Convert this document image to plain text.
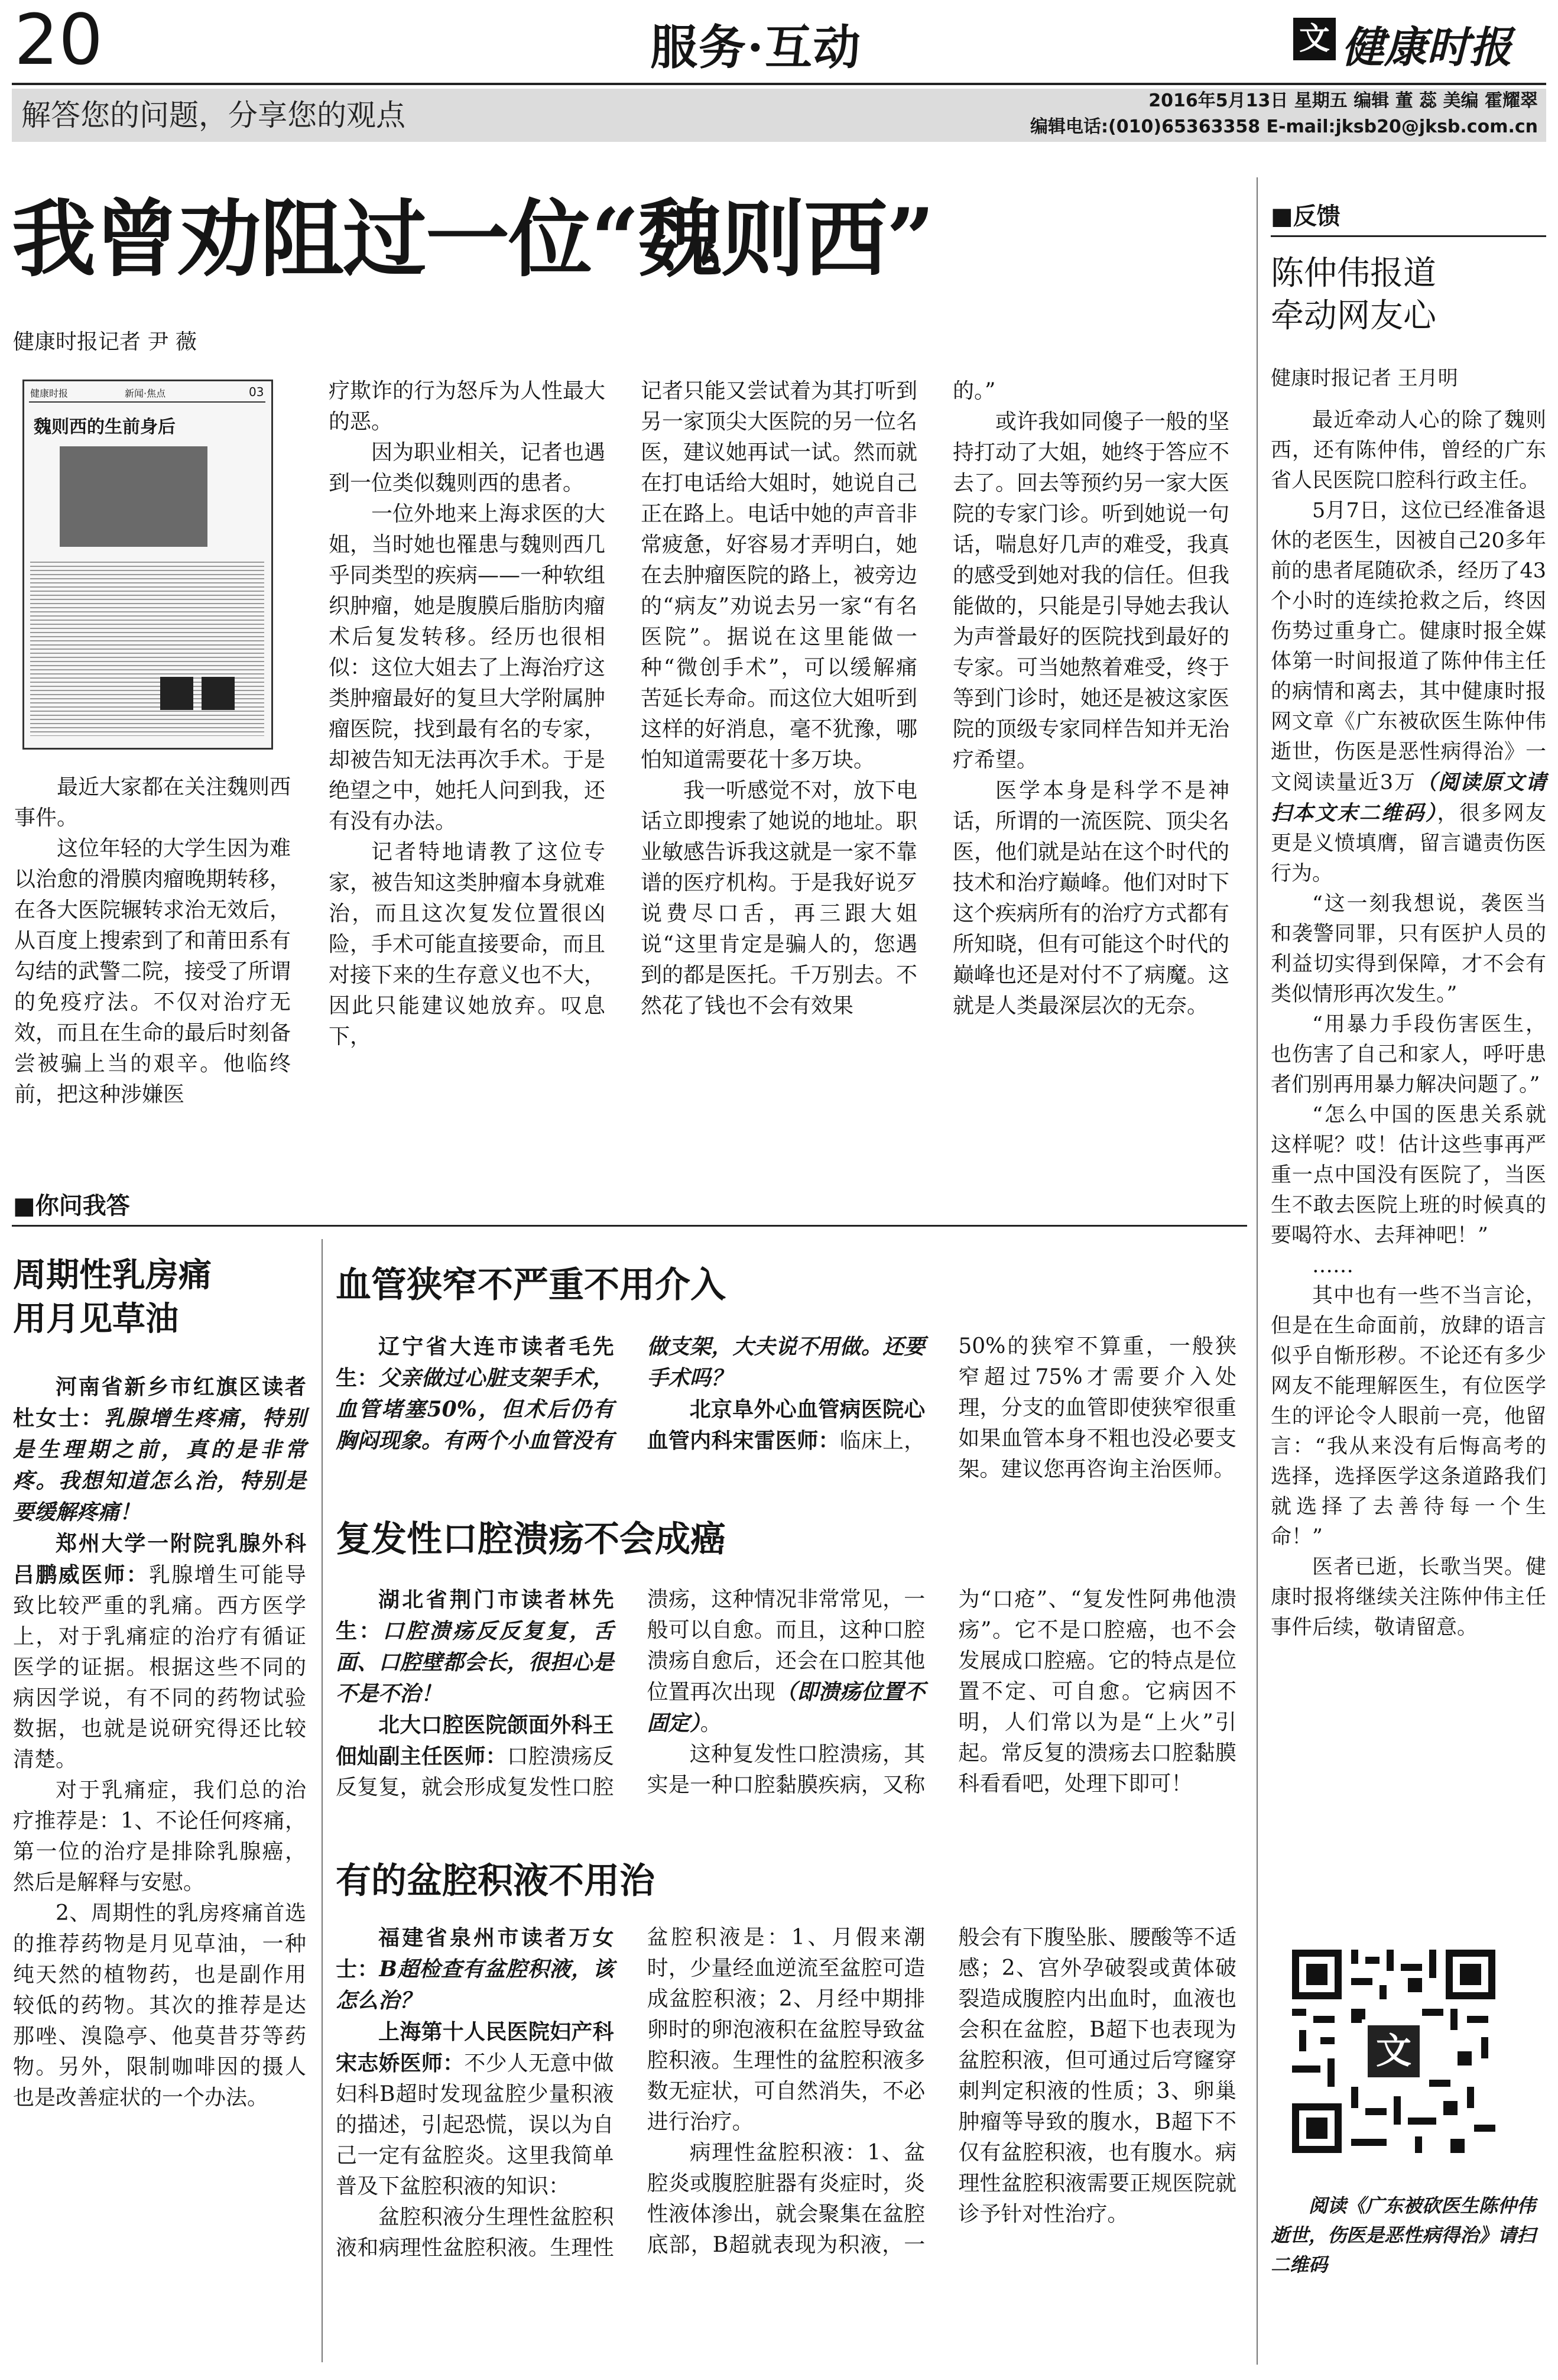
20	服务·互动	文 健康时报
解答您的问题，分享您的观点	2016年5月13日 星期五 编辑 董 蕊 美编 霍耀翠
编辑电话:(010)65363358 E-mail:jksb20@jksb.com.cn
我曾劝阻过一位“魏则西”
健康时报记者 尹 薇
健康时报	新闻·焦点	03
魏则西的生前身后

最近大家都在关注魏则西事件。

这位年轻的大学生因为难以治愈的滑膜肉瘤晚期转移，在各大医院辗转求治无效后，从百度上搜索到了和莆田系有勾结的武警二院，接受了所谓的免疫疗法。不仅对治疗无效，而且在生命的最后时刻备尝被骗上当的艰辛。他临终前，把这种涉嫌医

疗欺诈的行为怒斥为人性最大的恶。

因为职业相关，记者也遇到一位类似魏则西的患者。

一位外地来上海求医的大姐，当时她也罹患与魏则西几乎同类型的疾病——一种软组织肿瘤，她是腹膜后脂肪肉瘤术后复发转移。经历也很相似：这位大姐去了上海治疗这类肿瘤最好的复旦大学附属肿瘤医院，找到最有名的专家，却被告知无法再次手术。于是绝望之中，她托人问到我，还有没有办法。

记者特地请教了这位专家，被告知这类肿瘤本身就难治，而且这次复发位置很凶险，手术可能直接要命，而且对接下来的生存意义也不大，因此只能建议她放弃。叹息下，

记者只能又尝试着为其打听到另一家顶尖大医院的另一位名医，建议她再试一试。然而就在打电话给大姐时，她说自己正在路上。电话中她的声音非常疲惫，好容易才弄明白，她在去肿瘤医院的路上，被旁边的“病友”劝说去另一家“有名医院”。据说在这里能做一种“微创手术”，可以缓解痛苦延长寿命。而这位大姐听到这样的好消息，毫不犹豫，哪怕知道需要花十多万块。

我一听感觉不对，放下电话立即搜索了她说的地址。职业敏感告诉我这就是一家不靠谱的医疗机构。于是我好说歹说费尽口舌，再三跟大姐说“这里肯定是骗人的，您遇到的都是医托。千万别去。不然花了钱也不会有效果

的。”

或许我如同傻子一般的坚持打动了大姐，她终于答应不去了。回去等预约另一家大医院的专家门诊。听到她说一句话，喘息好几声的难受，我真的感受到她对我的信任。但我能做的，只能是引导她去我认为声誉最好的医院找到最好的专家。可当她熬着难受，终于等到门诊时，她还是被这家医院的顶级专家同样告知并无治疗希望。

医学本身是科学不是神话，所谓的一流医院、顶尖名医，他们就是站在这个时代的技术和治疗巅峰。他们对时下这个疾病所有的治疗方式都有所知晓，但有可能这个时代的巅峰也还是对付不了病魔。这就是人类最深层次的无奈。

■反馈
陈仲伟报道
牵动网友心
健康时报记者 王月明

最近牵动人心的除了魏则西，还有陈仲伟，曾经的广东省人民医院口腔科行政主任。

5月7日，这位已经准备退休的老医生，因被自己20多年前的患者尾随砍杀，经历了43个小时的连续抢救之后，终因伤势过重身亡。健康时报全媒体第一时间报道了陈仲伟主任的病情和离去，其中健康时报网文章《广东被砍医生陈仲伟逝世，伤医是恶性病得治》一文阅读量近3万（阅读原文请扫本文末二维码），很多网友更是义愤填膺，留言谴责伤医行为。

“这一刻我想说，袭医当和袭警同罪，只有医护人员的利益切实得到保障，才不会有类似情形再次发生。”

“用暴力手段伤害医生，也伤害了自己和家人，呼吁患者们别再用暴力解决问题了。”

“怎么中国的医患关系就这样呢？哎！估计这些事再严重一点中国没有医院了，当医生不敢去医院上班的时候真的要喝符水、去拜神吧！”

……

其中也有一些不当言论，但是在生命面前，放肆的语言似乎自惭形秽。不论还有多少网友不能理解医生，有位医学生的评论令人眼前一亮，他留言：“我从来没有后悔高考的选择，选择医学这条道路我们就选择了去善待每一个生命！”

医者已逝，长歌当哭。健康时报将继续关注陈仲伟主任事件后续，敬请留意。

文
阅读《广东被砍医生陈仲伟逝世，伤医是恶性病得治》请扫二维码
■你问我答
周期性乳房痛
用月见草油

河南省新乡市红旗区读者杜女士：乳腺增生疼痛，特别是生理期之前，真的是非常疼。我想知道怎么治，特别是要缓解疼痛！

郑州大学一附院乳腺外科吕鹏威医师：乳腺增生可能导致比较严重的乳痛。西方医学上，对于乳痛症的治疗有循证医学的证据。根据这些不同的病因学说，有不同的药物试验数据，也就是说研究得还比较清楚。

对于乳痛症，我们总的治疗推荐是：1、不论任何疼痛，第一位的治疗是排除乳腺癌，然后是解释与安慰。

2、周期性的乳房疼痛首选的推荐药物是月见草油，一种纯天然的植物药，也是副作用较低的药物。其次的推荐是达那唑、溴隐亭、他莫昔芬等药物。另外，限制咖啡因的摄人也是改善症状的一个办法。

血管狭窄不严重不用介入

辽宁省大连市读者毛先生：父亲做过心脏支架手术，血管堵塞50%，但术后仍有胸闷现象。有两个小血管没有做支架，大夫说不用做。还要手术吗？

北京阜外心血管病医院心血管内科宋雷医师：临床上，50%的狭窄不算重，一般狭窄超过75%才需要介入处理，分支的血管即使狭窄很重如果血管本身不粗也没必要支架。建议您再咨询主治医师。

复发性口腔溃疡不会成癌

湖北省荆门市读者林先生：口腔溃疡反反复复，舌面、口腔壁都会长，很担心是不是不治！

北大口腔医院颌面外科王佃灿副主任医师：口腔溃疡反反复复，就会形成复发性口腔溃疡，这种情况非常常见，一般可以自愈。而且，这种口腔溃疡自愈后，还会在口腔其他位置再次出现（即溃疡位置不固定）。

这种复发性口腔溃疡，其实是一种口腔黏膜疾病，又称为“口疮”、“复发性阿弗他溃疡”。它不是口腔癌，也不会发展成口腔癌。它的特点是位置不定、可自愈。它病因不明，人们常以为是“上火”引起。常反复的溃疡去口腔黏膜科看看吧，处理下即可！

有的盆腔积液不用治

福建省泉州市读者万女士：B超检查有盆腔积液，该怎么治？

上海第十人民医院妇产科宋志娇医师：不少人无意中做妇科B超时发现盆腔少量积液的描述，引起恐慌，误以为自己一定有盆腔炎。这里我简单普及下盆腔积液的知识：

盆腔积液分生理性盆腔积液和病理性盆腔积液。生理性盆腔积液是：1、月假来潮时，少量经血逆流至盆腔可造成盆腔积液；2、月经中期排卵时的卵泡液积在盆腔导致盆腔积液。生理性的盆腔积液多数无症状，可自然消失，不必进行治疗。

病理性盆腔积液：1、盆腔炎或腹腔脏器有炎症时，炎性液体渗出，就会聚集在盆腔底部，B超就表现为积液，一般会有下腹坠胀、腰酸等不适感；2、宫外孕破裂或黄体破裂造成腹腔内出血时，血液也会积在盆腔，B超下也表现为盆腔积液，但可通过后穹窿穿刺判定积液的性质；3、卵巢肿瘤等导致的腹水，B超下不仅有盆腔积液，也有腹水。病理性盆腔积液需要正规医院就诊予针对性治疗。
